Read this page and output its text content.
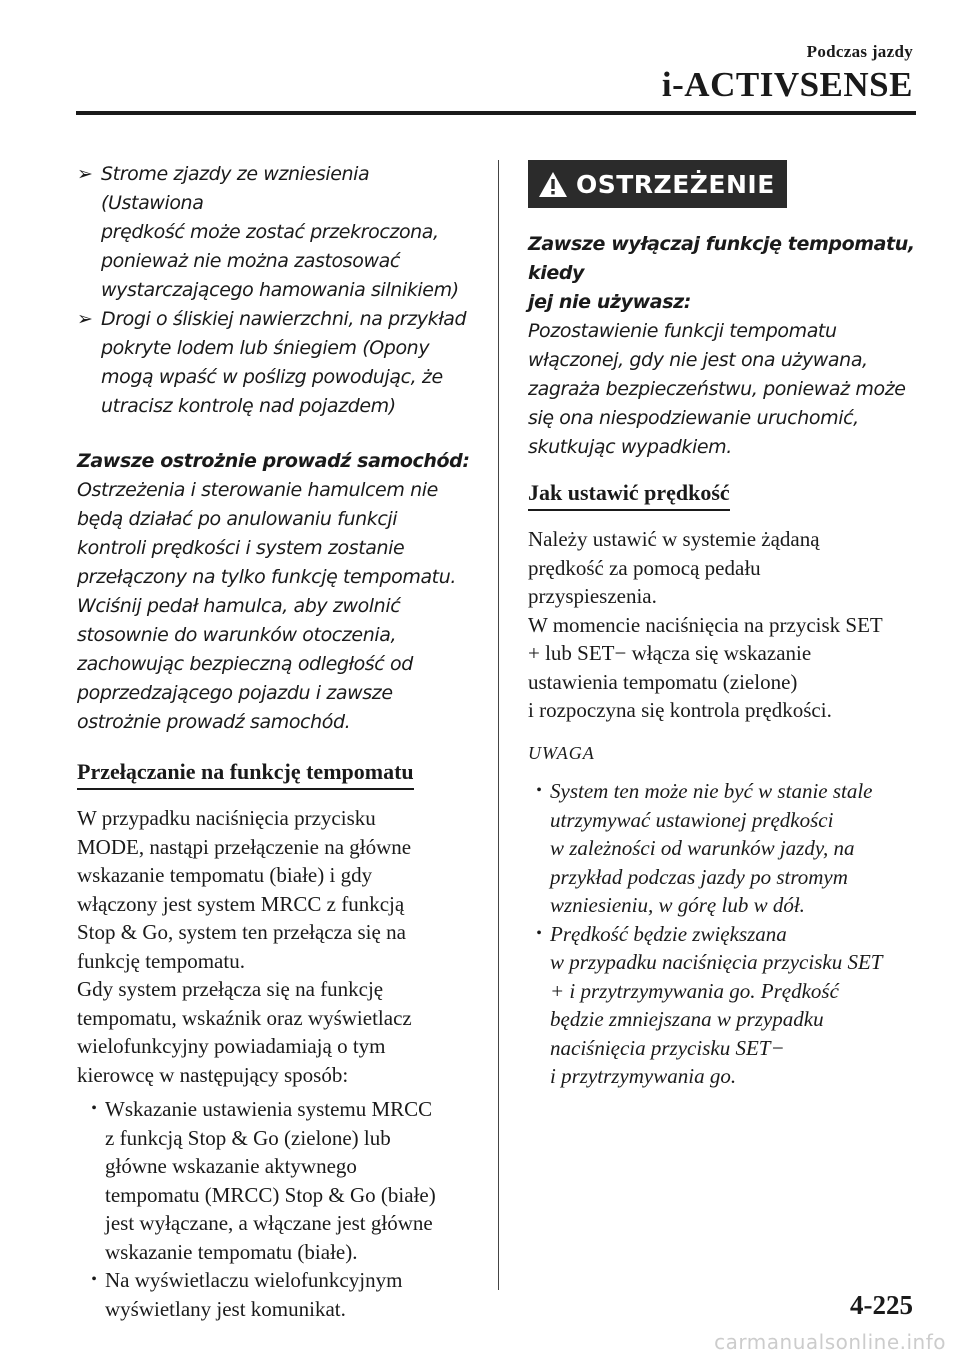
Podczas jazdy
i-ACTIVSENSE
➢ Strome zjazdy ze wzniesienia (Ustawiona
prędkość może zostać przekroczona,
ponieważ nie można zastosować
wystarczającego hamowania silnikiem)
➢ Drogi o śliskiej nawierzchni, na przykład
pokryte lodem lub śniegiem (Opony
mogą wpaść w poślizg powodując, że
utracisz kontrolę nad pojazdem)
Zawsze ostrożnie prowadź samochód:
Ostrzeżenia i sterowanie hamulcem nie
będą działać po anulowaniu funkcji
kontroli prędkości i system zostanie
przełączony na tylko funkcję tempomatu.
Wciśnij pedał hamulca, aby zwolnić
stosownie do warunków otoczenia,
zachowując bezpieczną odległość od
poprzedzającego pojazdu i zawsze
ostrożnie prowadź samochód.
Przełączanie na funkcję tempomatu
W przypadku naciśnięcia przycisku
MODE, nastąpi przełączenie na główne
wskazanie tempomatu (białe) i gdy
włączony jest system MRCC z funkcją
Stop & Go, system ten przełącza się na
funkcję tempomatu.
Gdy system przełącza się na funkcję
tempomatu, wskaźnik oraz wyświetlacz
wielofunkcyjny powiadamiają o tym
kierowcę w następujący sposób:
• Wskazanie ustawienia systemu MRCC
z funkcją Stop & Go (zielone) lub
główne wskazanie aktywnego
tempomatu (MRCC) Stop & Go (białe)
jest wyłączane, a włączane jest główne
wskazanie tempomatu (białe).
• Na wyświetlaczu wielofunkcyjnym
wyświetlany jest komunikat.
OSTRZEŻENIE
Zawsze wyłączaj funkcję tempomatu, kiedy
jej nie używasz:
Pozostawienie funkcji tempomatu
włączonej, gdy nie jest ona używana,
zagraża bezpieczeństwu, ponieważ może
się ona niespodziewanie uruchomić,
skutkując wypadkiem.
Jak ustawić prędkość
Należy ustawić w systemie żądaną
prędkość za pomocą pedału
przyspieszenia.
W momencie naciśnięcia na przycisk SET
+ lub SET− włącza się wskazanie
ustawienia tempomatu (zielone)
i rozpoczyna się kontrola prędkości.
UWAGA
• System ten może nie być w stanie stale
utrzymywać ustawionej prędkości
w zależności od warunków jazdy, na
przykład podczas jazdy po stromym
wzniesieniu, w górę lub w dół.
• Prędkość będzie zwiększana
w przypadku naciśnięcia przycisku SET
+ i przytrzymywania go. Prędkość
będzie zmniejszana w przypadku
naciśnięcia przycisku SET−
i przytrzymywania go.
4-225
carmanualsonline.info
